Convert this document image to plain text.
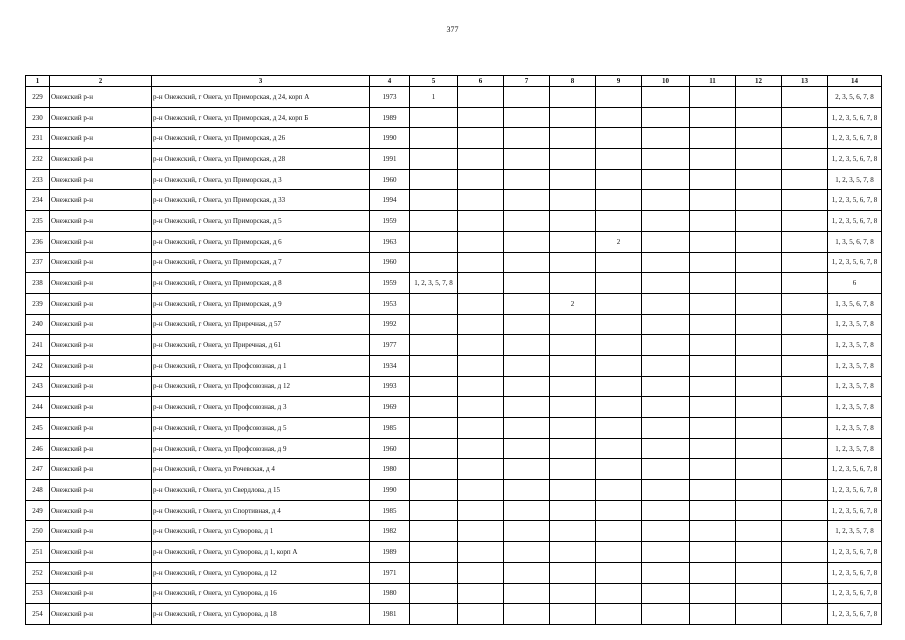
377
1	2	3	4	5	6	7	8	9	10	11	12	13	14
229	Онежский р-н	р-н Онежский, г Онега, ул Приморская, д 24, корп А	1973	1									2, 3, 5, 6, 7, 8
230	Онежский р-н	р-н Онежский, г Онега, ул Приморская, д 24, корп Б	1989										1, 2, 3, 5, 6, 7, 8
231	Онежский р-н	р-н Онежский, г Онега, ул Приморская, д 26	1990										1, 2, 3, 5, 6, 7, 8
232	Онежский р-н	р-н Онежский, г Онега, ул Приморская, д 28	1991										1, 2, 3, 5, 6, 7, 8
233	Онежский р-н	р-н Онежский, г Онега, ул Приморская, д 3	1960										1, 2, 3, 5, 7, 8
234	Онежский р-н	р-н Онежский, г Онега, ул Приморская, д 33	1994										1, 2, 3, 5, 6, 7, 8
235	Онежский р-н	р-н Онежский, г Онега, ул Приморская, д 5	1959										1, 2, 3, 5, 6, 7, 8
236	Онежский р-н	р-н Онежский, г Онега, ул Приморская, д 6	1963					2					1, 3, 5, 6, 7, 8
237	Онежский р-н	р-н Онежский, г Онега, ул Приморская, д 7	1960										1, 2, 3, 5, 6, 7, 8
238	Онежский р-н	р-н Онежский, г Онега, ул Приморская, д 8	1959	1, 2, 3, 5, 7, 8									6
239	Онежский р-н	р-н Онежский, г Онега, ул Приморская, д 9	1953				2						1, 3, 5, 6, 7, 8
240	Онежский р-н	р-н Онежский, г Онега, ул Приречная, д 57	1992										1, 2, 3, 5, 7, 8
241	Онежский р-н	р-н Онежский, г Онега, ул Приречная, д 61	1977										1, 2, 3, 5, 7, 8
242	Онежский р-н	р-н Онежский, г Онега, ул Профсоюзная, д 1	1934										1, 2, 3, 5, 7, 8
243	Онежский р-н	р-н Онежский, г Онега, ул Профсоюзная, д 12	1993										1, 2, 3, 5, 7, 8
244	Онежский р-н	р-н Онежский, г Онега, ул Профсоюзная, д 3	1969										1, 2, 3, 5, 7, 8
245	Онежский р-н	р-н Онежский, г Онега, ул Профсоюзная, д 5	1985										1, 2, 3, 5, 7, 8
246	Онежский р-н	р-н Онежский, г Онега, ул Профсоюзная, д 9	1960										1, 2, 3, 5, 7, 8
247	Онежский р-н	р-н Онежский, г Онега, ул Рочевская, д 4	1980										1, 2, 3, 5, 6, 7, 8
248	Онежский р-н	р-н Онежский, г Онега, ул Свердлова, д 15	1990										1, 2, 3, 5, 6, 7, 8
249	Онежский р-н	р-н Онежский, г Онега, ул Спортивная, д 4	1985										1, 2, 3, 5, 6, 7, 8
250	Онежский р-н	р-н Онежский, г Онега, ул Суворова, д 1	1982										1, 2, 3, 5, 7, 8
251	Онежский р-н	р-н Онежский, г Онега, ул Суворова, д 1, корп А	1989										1, 2, 3, 5, 6, 7, 8
252	Онежский р-н	р-н Онежский, г Онега, ул Суворова, д 12	1971										1, 2, 3, 5, 6, 7, 8
253	Онежский р-н	р-н Онежский, г Онега, ул Суворова, д 16	1980										1, 2, 3, 5, 6, 7, 8
254	Онежский р-н	р-н Онежский, г Онега, ул Суворова, д 18	1981										1, 2, 3, 5, 6, 7, 8
